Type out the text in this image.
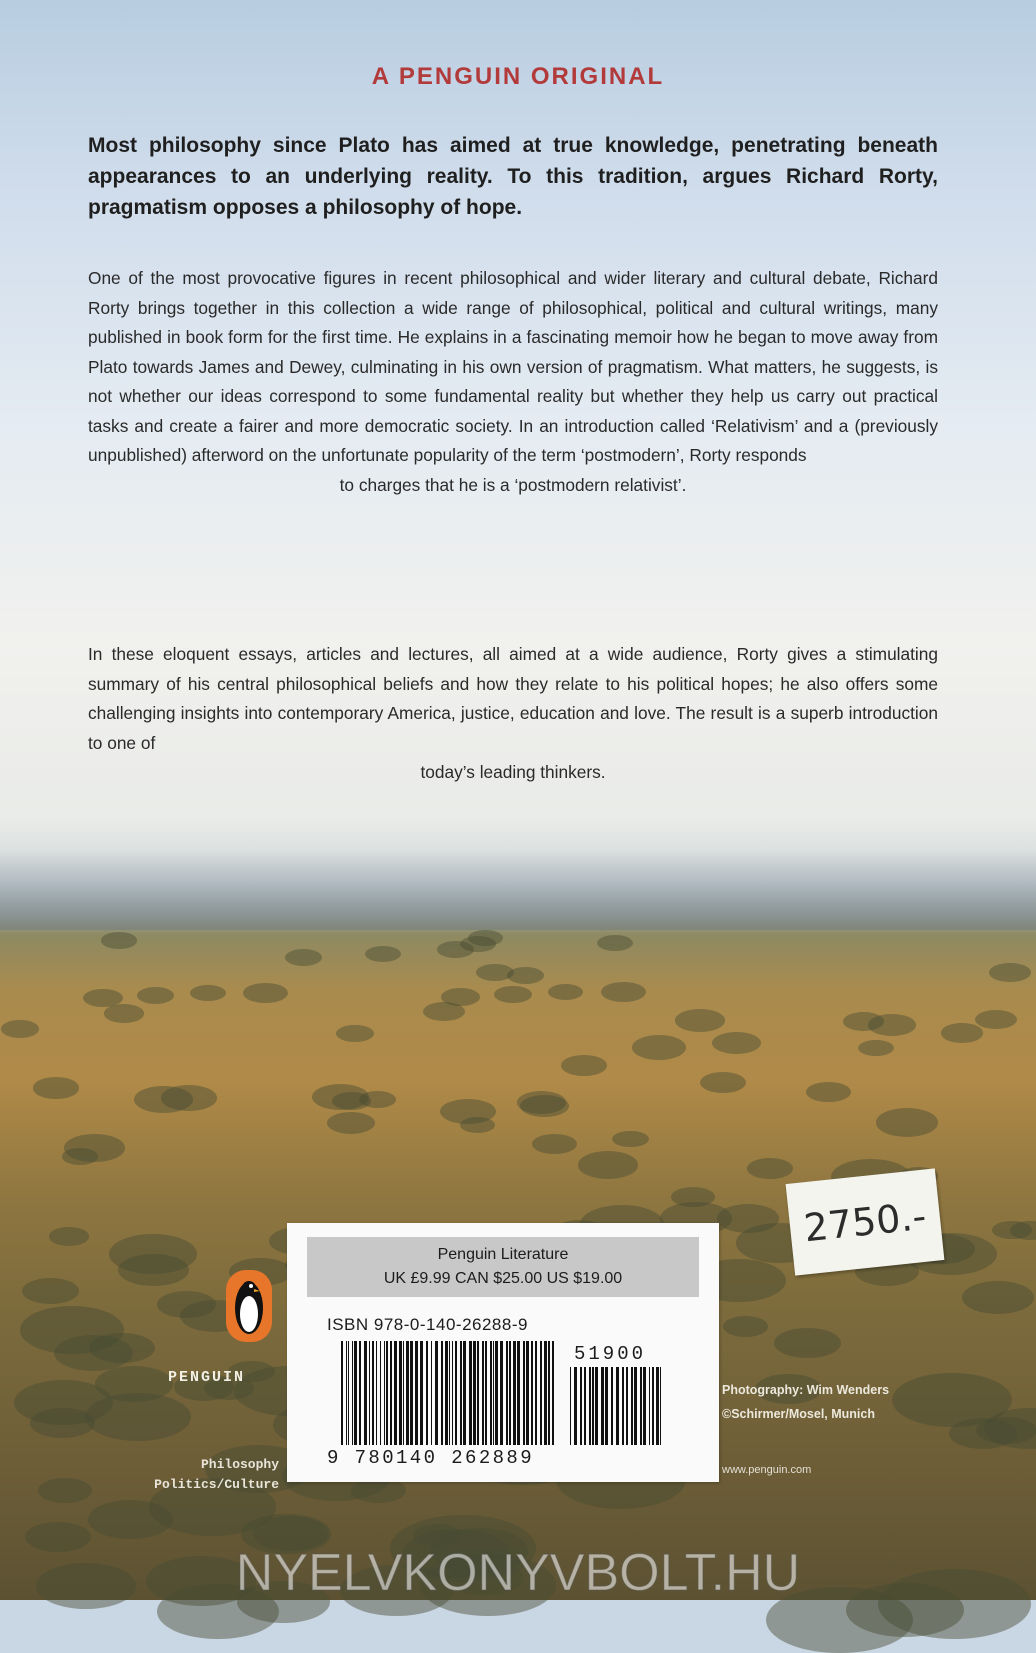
A PENGUIN ORIGINAL
Most philosophy since Plato has aimed at true knowledge, penetrating beneath appearances to an underlying reality. To this tradition, argues Richard Rorty, pragmatism opposes a philosophy of hope.
One of the most provocative figures in recent philosophical and wider literary and cultural debate, Richard Rorty brings together in this collection a wide range of philosophical, political and cultural writings, many published in book form for the first time. He explains in a fascinating memoir how he began to move away from Plato towards James and Dewey, culminating in his own version of pragmatism. What matters, he suggests, is not whether our ideas correspond to some fundamental reality but whether they help us carry out practical tasks and create a fairer and more democratic society. In an introduction called ‘Relativism’ and a (previously unpublished) afterword on the unfortunate popularity of the term ‘postmodern’, Rorty responds
to charges that he is a ‘postmodern relativist’.
In these eloquent essays, articles and lectures, all aimed at a wide audience, Rorty gives a stimulating summary of his central philosophical beliefs and how they relate to his political hopes; he also offers some challenging insights into contemporary America, justice, education and love. The result is a superb introduction to one of
today’s leading thinkers.
2750.-
PENGUIN
Philosophy
Politics/Culture
Penguin Literature
UK £9.99 CAN $25.00 US $19.00
ISBN 978-0-140-26288-9
51900
9 780140 262889
Photography: Wim Wenders
©Schirmer/Mosel, Munich
www.penguin.com
NYELVKONYVBOLT.HU
